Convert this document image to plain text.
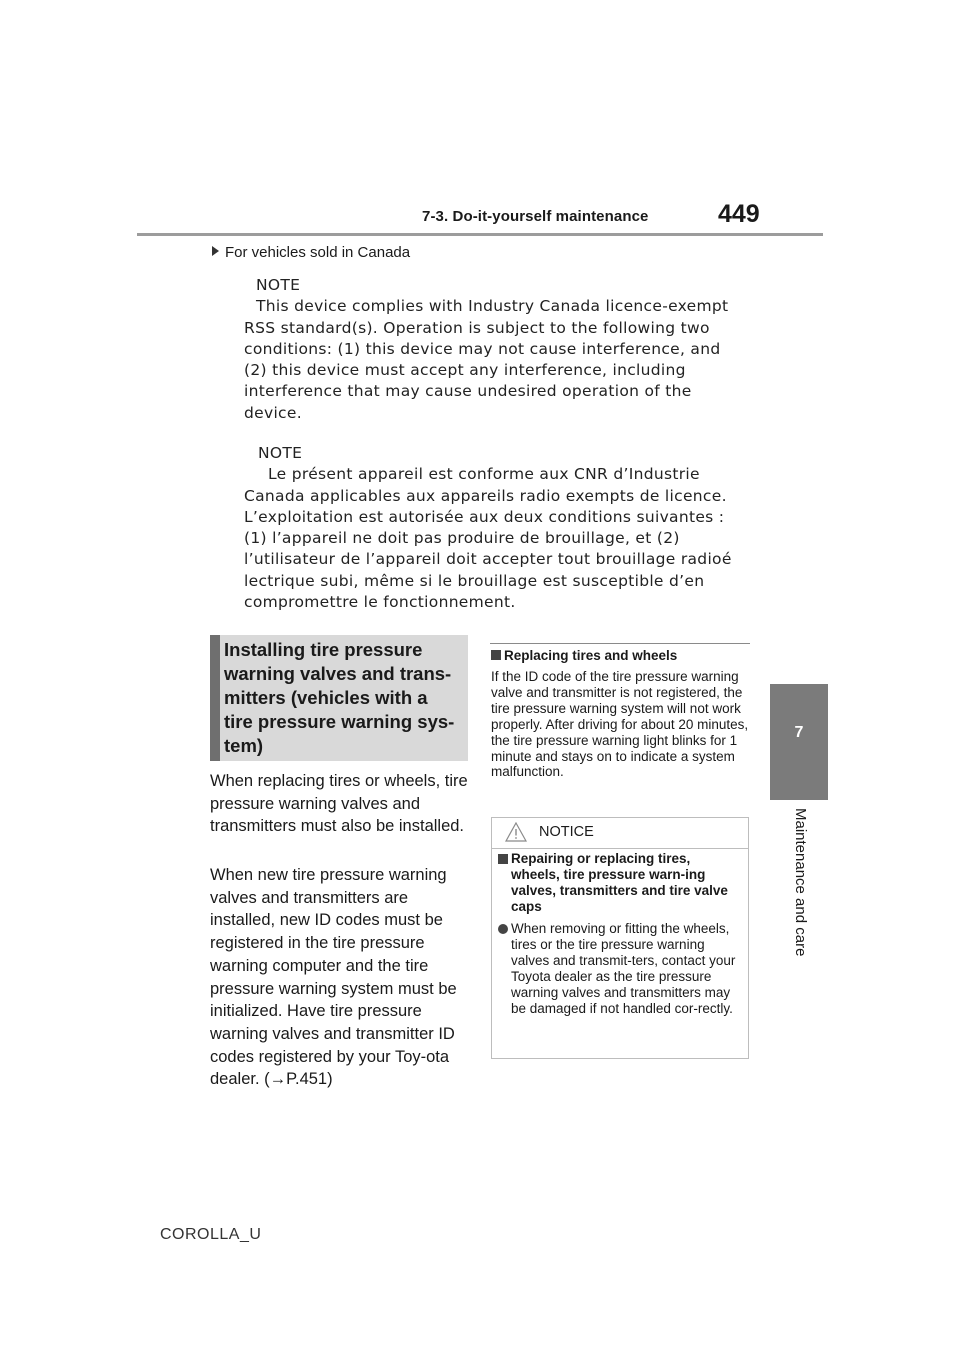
7-3. Do-it-yourself maintenance	449
7
Maintenance and care
For vehicles sold in Canada
NOTE
This device complies with Industry Canada licence-exempt
RSS standard(s). Operation is subject to the following two
conditions: (1) this device may not cause interference, and
(2) this device must accept any interference, including
interference that may cause undesired operation of the
device.
NOTE
Le présent appareil est conforme aux CNR d’Industrie
Canada applicables aux appareils radio exempts de licence.
L’exploitation est autorisée aux deux conditions suivantes :
(1) l’appareil ne doit pas produire de brouillage, et (2)
l’utilisateur de l’appareil doit accepter tout brouillage radioé
lectrique subi, même si le brouillage est susceptible d’en
compromettre le fonctionnement.
Installing tire pressure
warning valves and trans-
mitters (vehicles with a
tire pressure warning sys-
tem)
When replacing tires or wheels, tire pressure warning valves and transmitters must also be installed.
When new tire pressure warning valves and transmitters are installed, new ID codes must be registered in the tire pressure warning computer and the tire pressure warning system must be initialized. Have tire pressure warning valves and transmitter ID codes registered by your Toy-ota dealer. (→P.451)
Replacing tires and wheels
If the ID code of the tire pressure warning valve and transmitter is not registered, the tire pressure warning system will not work properly. After driving for about 20 minutes, the tire pressure warning light blinks for 1 minute and stays on to indicate a system malfunction.
NOTICE
Repairing or replacing tires, wheels, tire pressure warn-ing valves, transmitters and tire valve caps
When removing or fitting the wheels, tires or the tire pressure warning valves and transmit-ters, contact your Toyota dealer as the tire pressure warning valves and transmitters may be damaged if not handled cor-rectly.
COROLLA_U
